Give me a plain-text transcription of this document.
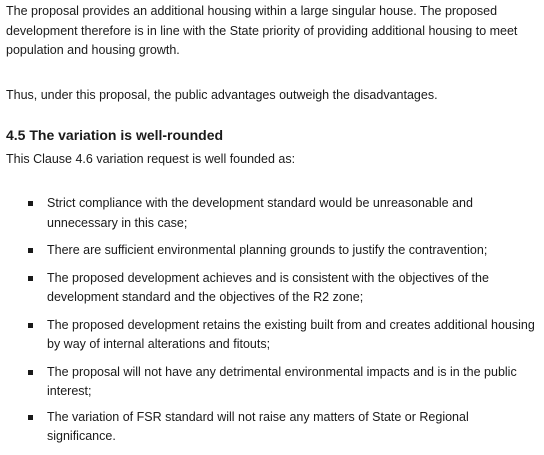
The proposal provides an additional housing within a large singular house. The proposed development therefore is in line with the State priority of providing additional housing to meet population and housing growth.

Thus, under this proposal, the public advantages outweigh the disadvantages.

4.5 The variation is well-rounded

This Clause 4.6 variation request is well founded as:

Strict compliance with the development standard would be unreasonable and unnecessary in this case;
There are sufficient environmental planning grounds to justify the contravention;
The proposed development achieves and is consistent with the objectives of the development standard and the objectives of the R2 zone;
The proposed development retains the existing built from and creates additional housing by way of internal alterations and fitouts;
The proposal will not have any detrimental environmental impacts and is in the public interest;
The variation of FSR standard will not raise any matters of State or Regional significance.
